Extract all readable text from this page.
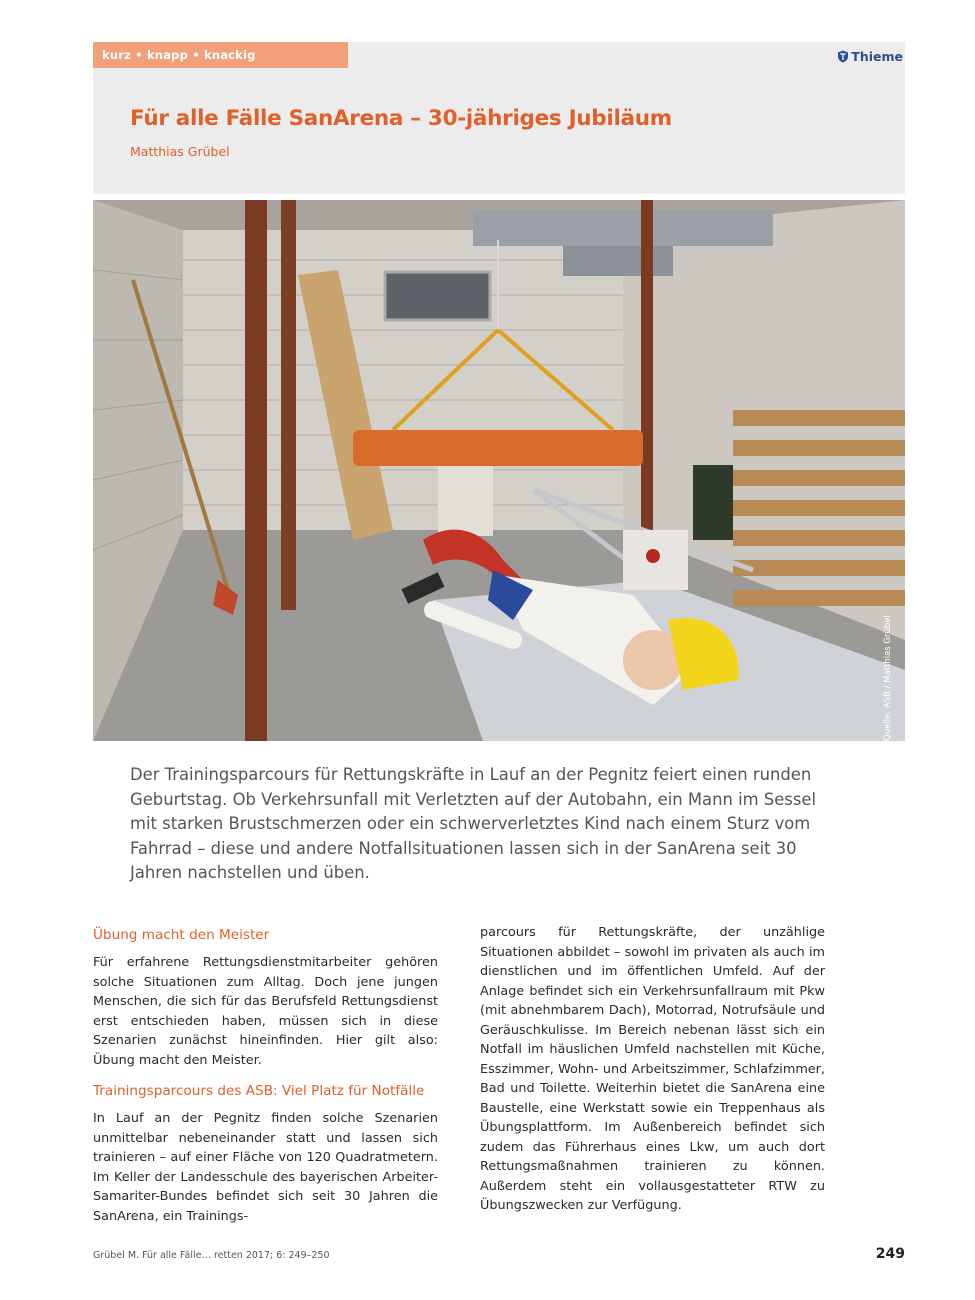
kurz • knapp • knackig	Thieme
Für alle Fälle SanArena – 30-jähriges Jubiläum
Matthias Grübel
Quelle: ASB / Matthias Grübel

Der Trainingsparcours für Rettungskräfte in Lauf an der Pegnitz feiert einen runden Geburtstag. Ob Verkehrsunfall mit Verletzten auf der Autobahn, ein Mann im Sessel mit starken Brustschmerzen oder ein schwerverletztes Kind nach einem Sturz vom Fahrrad – diese und andere Notfallsituationen lassen sich in der SanArena seit 30 Jahren nachstellen und üben.

Übung macht den Meister

Für erfahrene Rettungsdienstmitarbeiter gehören solche Situationen zum Alltag. Doch jene jungen Menschen, die sich für das Berufsfeld Rettungsdienst erst entschieden haben, müssen sich in diese Szenarien zunächst hineinfinden. Hier gilt also: Übung macht den Meister.

Trainingsparcours des ASB: Viel Platz für Notfälle

In Lauf an der Pegnitz finden solche Szenarien unmittelbar nebeneinander statt und lassen sich trainieren – auf einer Fläche von 120 Quadratmetern. Im Keller der Landesschule des bayerischen Arbeiter-Samariter-Bundes befindet sich seit 30 Jahren die SanArena, ein Trainings-

parcours für Rettungskräfte, der unzählige Situationen abbildet – sowohl im privaten als auch im dienstlichen und im öffentlichen Umfeld. Auf der Anlage befindet sich ein Verkehrsunfallraum mit Pkw (mit abnehmbarem Dach), Motorrad, Notrufsäule und Geräuschkulisse. Im Bereich nebenan lässt sich ein Notfall im häuslichen Umfeld nachstellen mit Küche, Esszimmer, Wohn- und Arbeitszimmer, Schlafzimmer, Bad und Toilette. Weiterhin bietet die SanArena eine Baustelle, eine Werkstatt sowie ein Treppenhaus als Übungsplattform. Im Außenbereich befindet sich zudem das Führerhaus eines Lkw, um auch dort Rettungsmaßnahmen trainieren zu können. Außerdem steht ein vollausgestatteter RTW zu Übungszwecken zur Verfügung.

Grübel M. Für alle Fälle… retten 2017; 6: 249–250	249
